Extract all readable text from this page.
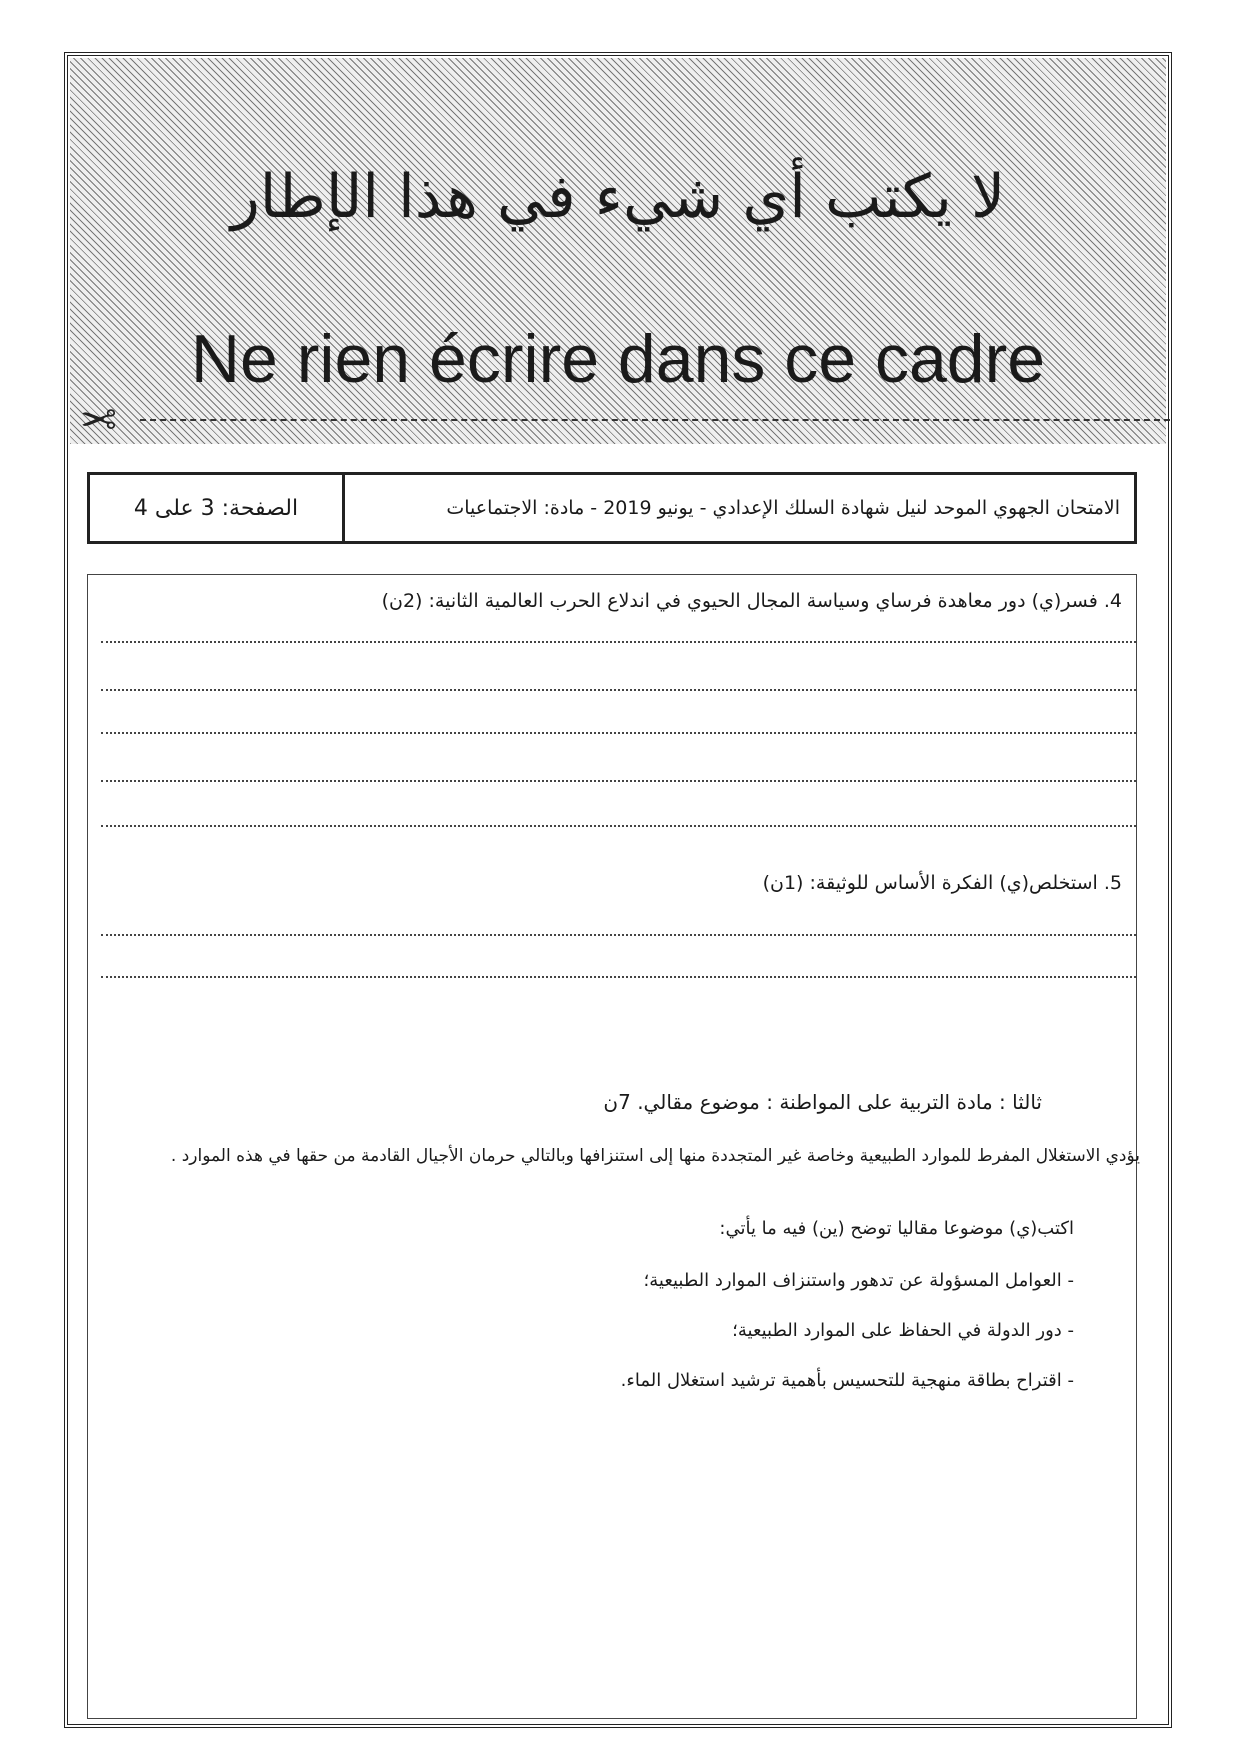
لا يكتب أي شيء في هذا الإطار
Ne rien écrire dans ce cadre
✂
الصفحة: 3 على 4	الامتحان الجهوي الموحد لنيل شهادة السلك الإعدادي - يونيو 2019 - مادة: الاجتماعيات
4. فسر(ي) دور معاهدة فرساي وسياسة المجال الحيوي في اندلاع الحرب العالمية الثانية: (2ن)
5. استخلص(ي) الفكرة الأساس للوثيقة: (1ن)
ثالثا : مادة التربية على المواطنة : موضوع مقالي. 7ن
يؤدي الاستغلال المفرط للموارد الطبيعية وخاصة غير المتجددة منها إلى استنزافها وبالتالي حرمان الأجيال القادمة من حقها في هذه الموارد .
اكتب(ي) موضوعا مقاليا توضح (ين) فيه ما يأتي:
- العوامل المسؤولة عن تدهور واستنزاف الموارد الطبيعية؛
- دور الدولة في الحفاظ على الموارد الطبيعية؛
- اقتراح بطاقة منهجية للتحسيس بأهمية ترشيد استغلال الماء.
